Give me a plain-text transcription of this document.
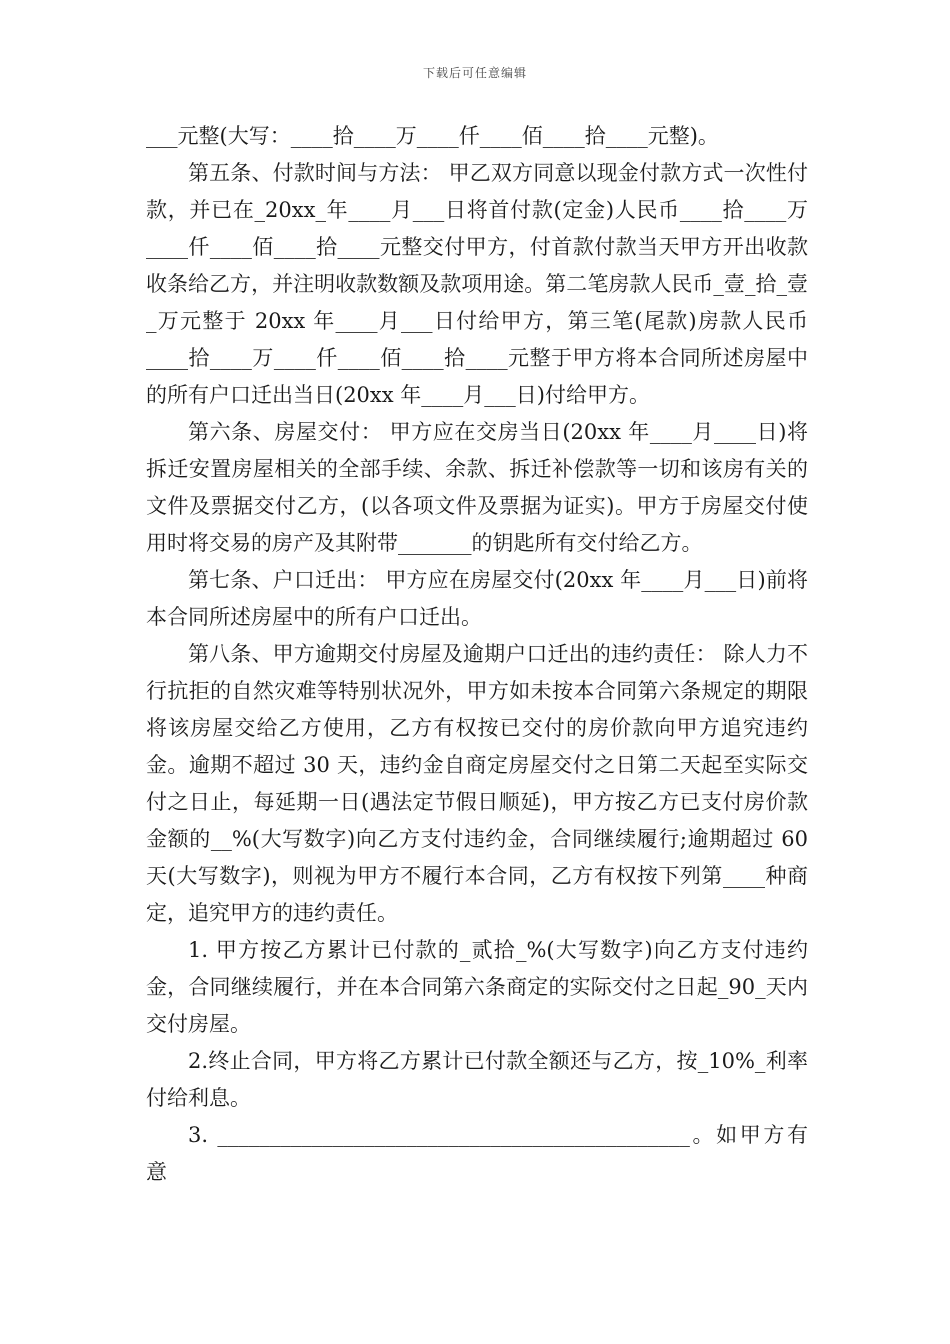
下载后可任意编辑

___元整(大写：____拾____万____仟____佰____拾____元整)。

第五条、付款时间与方法： 甲乙双方同意以现金付款方式一次性付款，并已在_20xx_年____月___日将首付款(定金)人民币____拾____万____仟____佰____拾____元整交付甲方，付首款付款当天甲方开出收款收条给乙方，并注明收款数额及款项用途。第二笔房款人民币_壹_拾_壹_万元整于 20xx 年____月___日付给甲方，第三笔(尾款)房款人民币____拾____万____仟____佰____拾____元整于甲方将本合同所述房屋中的所有户口迁出当日(20xx 年____月___日)付给甲方。

第六条、房屋交付： 甲方应在交房当日(20xx 年____月____日)将拆迁安置房屋相关的全部手续、余款、拆迁补偿款等一切和该房有关的文件及票据交付乙方，(以各项文件及票据为证实)。甲方于房屋交付使用时将交易的房产及其附带_______的钥匙所有交付给乙方。

第七条、户口迁出： 甲方应在房屋交付(20xx 年____月___日)前将本合同所述房屋中的所有户口迁出。

第八条、甲方逾期交付房屋及逾期户口迁出的违约责任： 除人力不行抗拒的自然灾难等特别状况外，甲方如未按本合同第六条规定的期限将该房屋交给乙方使用，乙方有权按已交付的房价款向甲方追究违约金。逾期不超过 30 天，违约金自商定房屋交付之日第二天起至实际交付之日止，每延期一日(遇法定节假日顺延)，甲方按乙方已支付房价款金额的__%(大写数字)向乙方支付违约金，合同继续履行;逾期超过 60 天(大写数字)，则视为甲方不履行本合同，乙方有权按下列第____种商定，追究甲方的违约责任。

1. 甲方按乙方累计已付款的_贰拾_%(大写数字)向乙方支付违约金，合同继续履行，并在本合同第六条商定的实际交付之日起_90_天内交付房屋。

2.终止合同，甲方将乙方累计已付款全额还与乙方，按_10%_利率付给利息。

3. _____________________________________________。如甲方有意
